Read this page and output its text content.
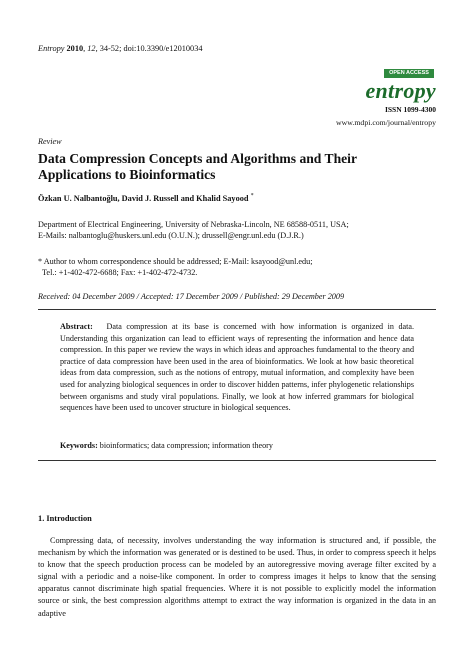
Entropy 2010, 12, 34-52; doi:10.3390/e12010034
OPEN ACCESS
entropy
ISSN 1099-4300
www.mdpi.com/journal/entropy
Review
Data Compression Concepts and Algorithms and Their
Applications to Bioinformatics
Özkan U. Nalbantoğlu, David J. Russell and Khalid Sayood *
Department of Electrical Engineering, University of Nebraska-Lincoln, NE 68588-0511, USA;
E-Mails: nalbantoglu@huskers.unl.edu (O.U.N.); drussell@engr.unl.edu (D.J.R.)
* Author to whom correspondence should be addressed; E-Mail: ksayood@unl.edu;
Tel.: +1-402-472-6688; Fax: +1-402-472-4732.
Received: 04 December 2009 / Accepted: 17 December 2009 / Published: 29 December 2009
Abstract: Data compression at its base is concerned with how information is organized in data. Understanding this organization can lead to efficient ways of representing the information and hence data compression. In this paper we review the ways in which ideas and approaches fundamental to the theory and practice of data compression have been used in the area of bioinformatics. We look at how basic theoretical ideas from data compression, such as the notions of entropy, mutual information, and complexity have been used for analyzing biological sequences in order to discover hidden patterns, infer phylogenetic relationships between organisms and study viral populations. Finally, we look at how inferred grammars for biological sequences have been used to uncover structure in biological sequences.
Keywords: bioinformatics; data compression; information theory
1. Introduction

Compressing data, of necessity, involves understanding the way information is structured and, if possible, the mechanism by which the information was generated or is destined to be used. Thus, in order to compress speech it helps to know that the speech production process can be modeled by an autoregressive moving average filter excited by a signal with a periodic and a noise-like component. In order to compress images it helps to know that the sensing apparatus cannot discriminate high spatial frequencies. Where it is not possible to explicitly model the information source or sink, the best compression algorithms attempt to extract the way information is organized in the data in an adaptive
